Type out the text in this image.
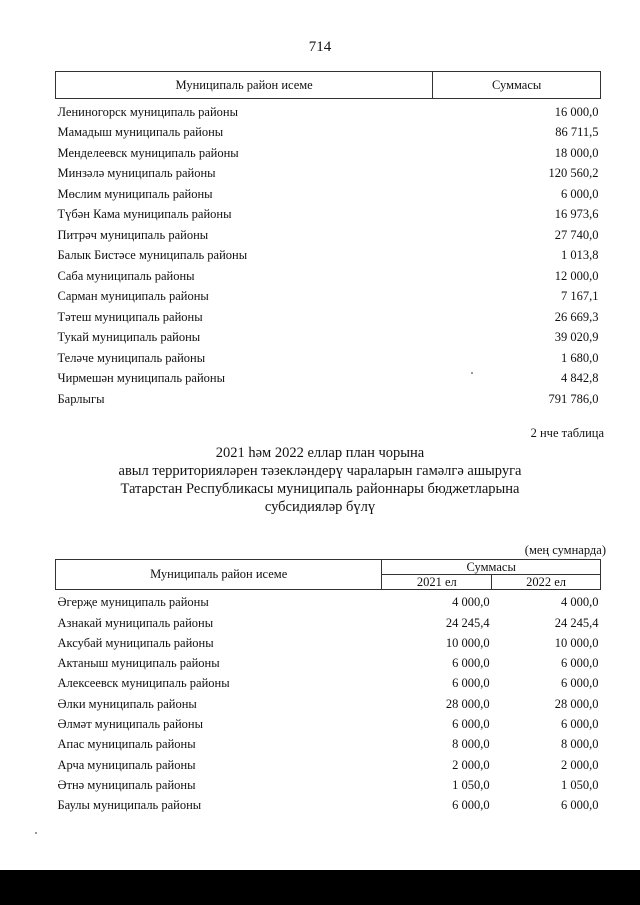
714
Муниципаль район исеме	Суммасы
Лениногорск муниципаль районы	16 000,0
Мамадыш муниципаль районы	86 711,5
Менделеевск муниципаль районы	18 000,0
Минзәлә муниципаль районы	120 560,2
Мөслим муниципаль районы	6 000,0
Түбән Кама муниципаль районы	16 973,6
Питрәч муниципаль районы	27 740,0
Балык Бистәсе муниципаль районы	1 013,8
Саба муниципаль районы	12 000,0
Сарман муниципаль районы	7 167,1
Тәтеш муниципаль районы	26 669,3
Тукай муниципаль районы	39 020,9
Теләче муниципаль районы	1 680,0
Чирмешән муниципаль районы	4 842,8
Барлыгы	791 786,0
2 нче таблица
2021 һәм 2022 еллар план чорына
авыл территорияләрен тәзекләндерү чараларын гамәлгә ашыруга
Татарстан Республикасы муниципаль районнары бюджетларына
субсидияләр бүлү
(мең сумнарда)
Муниципаль район исеме	Суммасы	
	2021 ел	2022 ел
Әгерҗе муниципаль районы	4 000,0	4 000,0
Азнакай муниципаль районы	24 245,4	24 245,4
Аксубай муниципаль районы	10 000,0	10 000,0
Актаныш муниципаль районы	6 000,0	6 000,0
Алексеевск муниципаль районы	6 000,0	6 000,0
Әлки муниципаль районы	28 000,0	28 000,0
Әлмәт муниципаль районы	6 000,0	6 000,0
Апас муниципаль районы	8 000,0	8 000,0
Арча муниципаль районы	2 000,0	2 000,0
Әтнә муниципаль районы	1 050,0	1 050,0
Баулы муниципаль районы	6 000,0	6 000,0
